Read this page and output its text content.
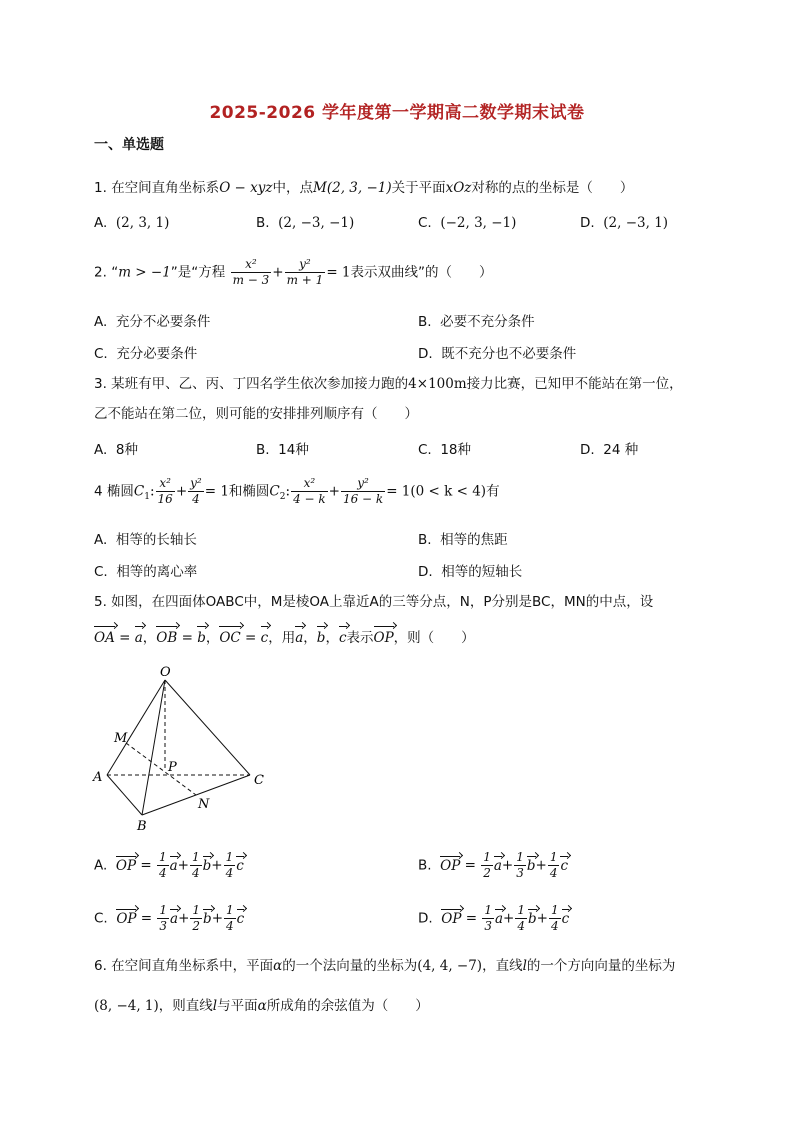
2025-2026 学年度第一学期高二数学期末试卷
一、单选题
1. 在空间直角坐标系O − xyz中，点M(2, 3, −1)关于平面xOz对称的点的坐标是（　　）
A. (2, 3, 1)	B. (2, −3, −1)	C. (−2, 3, −1)	D. (2, −3, 1)
2. “m > −1”是“方程 $\frac{\text{x²}}{m - 3} + \frac{\text{y²}}{m + 1} = 1$表示双曲线”的（　　）
A. 充分不必要条件	B. 必要不充分条件
C. 充分必要条件	D. 既不充分也不必要条件
3. 某班有甲、乙、丙、丁四名学生依次参加接力跑的4×100m接力比赛，已知甲不能站在第一位，
乙不能站在第二位，则可能的安排排列顺序有（　　）
A. 8种	B. 14种	C. 18种	D. 24 种
4 椭圆$C_1$: $\frac{\text{x²}}{16} + \frac{\text{y²}}{4} = 1$和椭圆$C_2$: $\frac{\text{x²}}{4 - k} + \frac{\text{y²}}{16 - k} = 1(0 < k < 4)$有
A. 相等的长轴长	B. 相等的焦距
C. 相等的离心率	D. 相等的短轴长
5. 如图，在四面体OABC中，M是棱OA上靠近A的三等分点，N，P分别是BC，MN的中点，设
OA = a，OB = b，OC = c，用a，b，c表示OP，则（　　）
O
M
A
P
C
N
B
A. OP = $\frac{1}{4} a+ \frac{1}{4} b+ \frac{1}{4}$ c	B. OP = $\frac{1}{2} a+ \frac{1}{3} b+ \frac{1}{4}$ c
C. OP = $\frac{1}{3} a+ \frac{1}{2} b+ \frac{1}{4}$ c	D. OP = $\frac{1}{3} a+ \frac{1}{4} b+ \frac{1}{4}$ c
6. 在空间直角坐标系中，平面α的一个法向量的坐标为(4, 4, −7)，直线l的一个方向向量的坐标为
(8, −4, 1)，则直线l与平面α所成角的余弦值为（　　）
